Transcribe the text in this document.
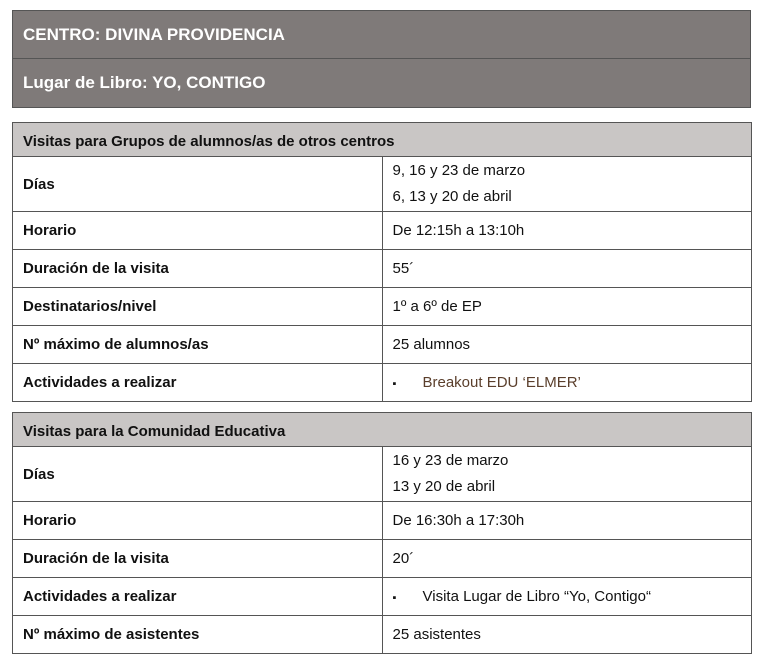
CENTRO: DIVINA PROVIDENCIA
Lugar de Libro: YO, CONTIGO
Visitas para Grupos de alumnos/as de otros centros	
Días	9, 16 y 23 de marzo
6, 13 y 20 de abril

Horario	De 12:15h a 13:10h
Duración de la visita	55´
Destinatarios/nivel	1º a 6º de EP
Nº máximo de alumnos/as	25 alumnos
Actividades a realizar	▪ Breakout EDU ‘ELMER’
Visitas para la Comunidad Educativa	
Días	16 y 23 de marzo
13 y 20 de abril

Horario	De 16:30h a 17:30h
Duración de la visita	20´
Actividades a realizar	▪ Visita Lugar de Libro “Yo, Contigo“
Nº máximo de asistentes	25 asistentes
